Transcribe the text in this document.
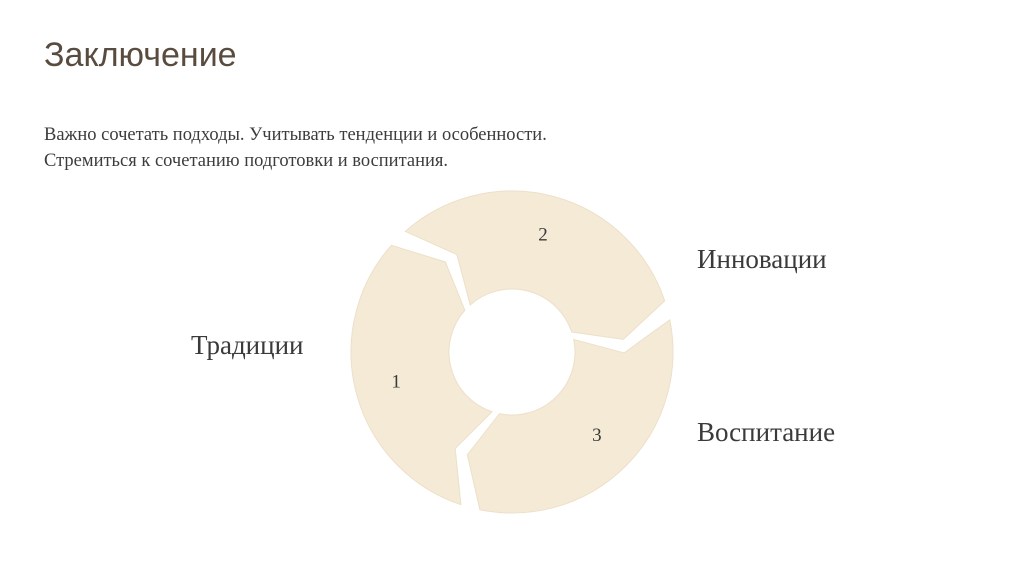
Заключение
Важно сочетать подходы. Учитывать тенденции и особенности.
Стремиться к сочетанию подготовки и воспитания.
1
2
3
Традиции
Инновации
Воспитание
